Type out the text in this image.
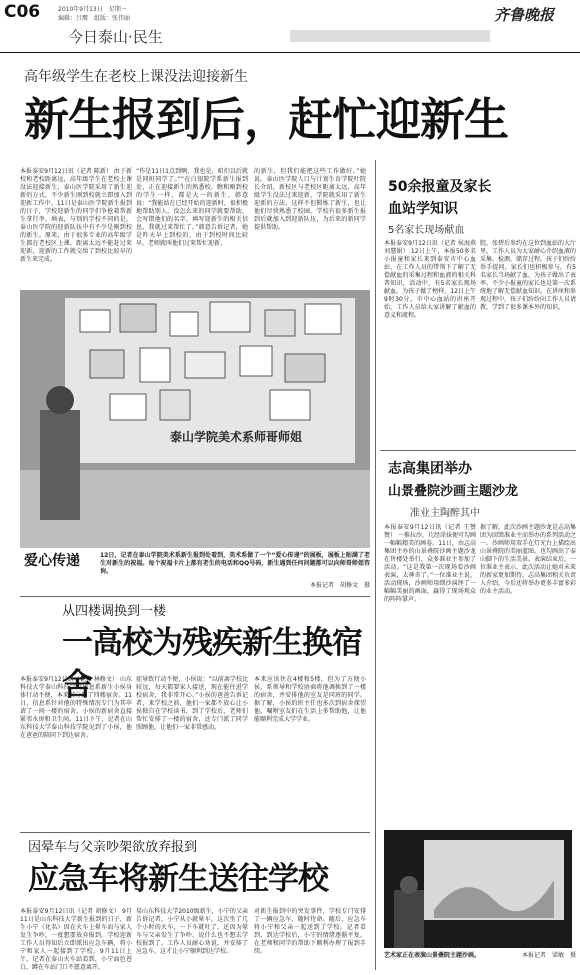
C06	2010年9月13日　星期一
编辑：吕鹰　组版：张伟丽
今日泰山·民生
齐鲁晚报
高年级学生在老校上课没法迎接新生
新生报到后，赶忙迎新生
本报泰安9月12日讯（记者 陈新） 由于新校和老校距离远，高年级学生在老校上课没法迎接新生，泰山医学院采用了新生迎新的方式，不少新生刚到校就立即加入到迎新工作中。11日是泰山医学院新生报到的日子，学校迎新生的同学们争抢着帮新生拿行李、填表，与别的学校不同的是，泰山医学院的迎新队伍中有不少是刚到校的新生。原来，由于很多专业的高年级学生都在老校区上课，距离太远不能赶过来迎新，迎新的工作就交给了到校比较早的新生来完成。
“作是11日1点到啊，我也是，咱们以后就是同班同学了。”“在白银院学系新生报到处，正在迎接新生的熟悉校，瞧和刚到校的学生一样，都是大一的新生。韩意说：“我能站在已经开始的迎新时，很积极地帮助别人，没怎么来的同学就要帮助，会写错他们的名字，填写迎新生的相关信息，我就过来帮忙了。”韩意告诉记者，她是昨天早上到校的，由于到校时间比较早，老师就叫他们过来帮忙迎新。
的新生，但我们能把这些工作做好。”她说。泰山医学院人口与计划生育学院叶院长介绍，新校区与老校区距离太远，高年级学生没法过来迎新，学院就采用了新生迎新的方法，这样不但锻炼了新生，也让他们尽快熟悉了校园。学校有很多新生报到后就加入到迎新队伍，为后来的新同学提供帮助。
泰山学院美术系师哥师姐
爱心传递	12日，记者在泰山学院美术系新生报到处看到，美术系做了一个“爱心传递”的展板，展板上贴满了老生对新生的祝福。每个祝福卡片上都有老生的电话和QQ号码，新生遇到任何问题都可以向师哥师姐咨询。
本报记者　胡修文　摄
50余报童及家长
血站学知识
5名家长现场献血
本报泰安9月12日讯（记者 侯海燕 刘慧娟） 12日上午，本报50多名小报童和家长来到泰安市中心血站，在工作人员的带领下了解了无偿献血的采集过程和血液的相关科普知识，活动中，有5名家长现场献血，为孩子做了榜样。12日上午9时30分，市中心血站的讲座开始，工作人员给大家讲解了献血的意义和流程。
腔，张碧后参约在这位到血站的大厅里，工作人员为大家耐心介绍血液的采集、检测、储存过程。孩子们纷纷举手提问，家长们也积极参与。有5名家长当场献了血，为孩子做出了表率。不少小报童的家长也是第一次系统地了解无偿献血知识。在讲座和参观过程中，孩子们纷纷向工作人员请教，学到了很多课本外的知识。
志高集团举办
山景叠院沙画主题沙龙
准业主陶醉其中
本报泰安9月12日讯（记者 王赞赞） 一推拉沙，几经涂抹便可勾画一幅幅精美的画卷。11日，由志高集团主办的山景叠院沙画主题沙龙在售楼处举行，众多准业主参加了活动。“这是我第一次现场看沙画表演，太神奇了。”一位准业主说。活动现场，沙画师用细沙演绎了一幅幅美丽的画面，赢得了现场观众的阵阵掌声。
据了解，此次沙画主题沙龙是志高集团为回馈准业主而举办的系列活动之一。沙画师用双手在灯光台上描绘出山景叠院的美丽蓝图，也勾画出了泰山脚下的生活美景。表演结束后，一位准业主表示，此次活动让她对未来的新家更加期待。志高集团相关负责人介绍，今后还将举办更多丰富多彩的业主活动。
艺术家正在表演山景叠院主题沙画。	本报记者　梁敏　摄
从四楼调换到一楼
一高校为残疾新生换宿舍
本报泰安9月12日讯（记者 林修文） 山东科技大学泰山科技学院信息系新生小侯身体行动不便，本来被分到了四楼宿舍。11日，信息系针对他的特殊情况专门为其申请了一间一楼的宿舍，小侯的新宿舍直接紧邻水房和卫生间。11日下午，记者在山东科技大学泰山科技学院见到了小侯，他在爸爸的陪同下到达宿舍。
症导致行动不便，小侯说：“以前离学校比较远，每天都要家人接送，现在能住进学校宿舍，我非常开心。”小侯的爸爸告诉记者，来学校之前，他们一家都不放心让小侯独自在学校读书，到了学校后，老师们帮忙安排了一楼的宿舍，还专门派了同学照顾他，让他们一家非常感动。
本来应该住在4楼和5楼，但为了方便小侯，系领导和学校协商将他调换到了一楼的宿舍，并安排他的室友是同班的同学。据了解，小侯的班主任也多次到宿舍探望他，嘱咐室友们在生活上多帮助他，让他能顺利完成大学学业。
因晕车与父亲吵架欲放弃报到
应急车将新生送往学校
本报泰安9月12日讯（记者 胡修文） 9月11日是山东科技大学新生报到的日子，新生小宁（化名）因在火车上晕车而与家人发生争吵，一度想要放弃报到。学校迎新工作人员得知后立即派出应急车辆，将小宁和家人一起接到了学校。9月11日上午，记者在泰山火车站看到，小宁面色苍白，蹲在车站门口不愿意离开。
易山东科技大学2010级新生，小宁的父亲告诉记者，小宁从小就晕车，这次坐了几个小时的火车，一下车就吐了，还因为晕车与父亲发生了争吵，说什么也不想去学校报到了。工作人员耐心劝说，并安排了应急车，这才让小宁顺利到达学校。
对新生报到中的突发事件，学校专门安排了一辆应急车，随时待命。随后，应急车将小宁和父亲一起送到了学校。记者看到，到达学校后，小宁的情绪逐渐平复，在老师和同学的帮助下顺利办理了报到手续。
